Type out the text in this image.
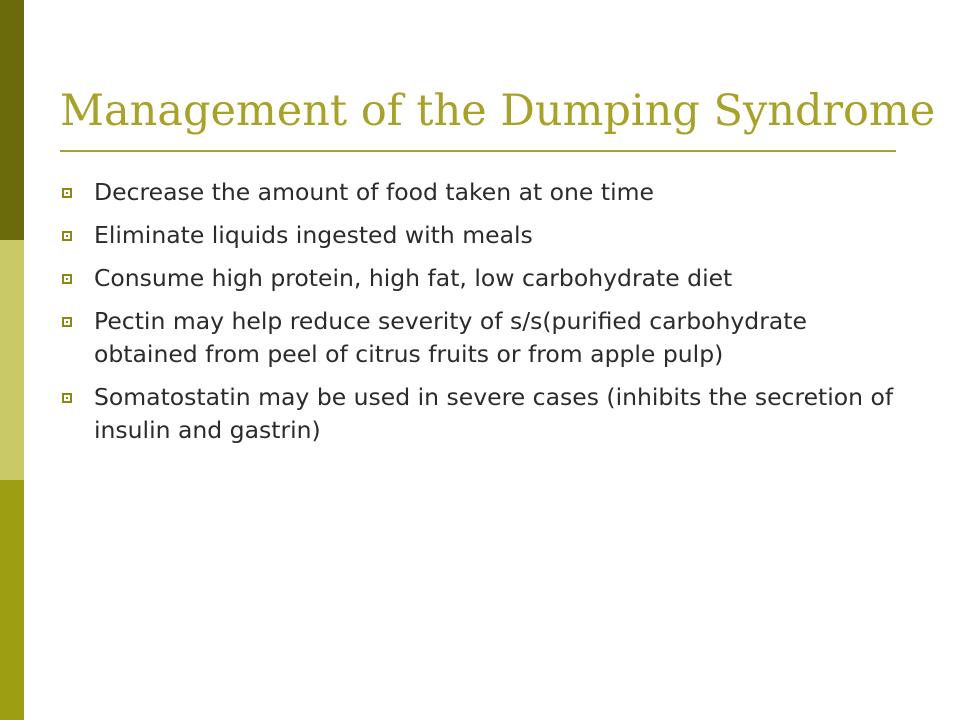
Management of the Dumping Syndrome
Decrease the amount of food taken at one time
Eliminate liquids ingested with meals
Consume high protein, high fat, low carbohydrate diet
Pectin may help reduce severity of s/s(purified carbohydrate obtained from peel of citrus fruits or from apple pulp)
Somatostatin may be used in severe cases (inhibits the secretion of insulin and gastrin)
